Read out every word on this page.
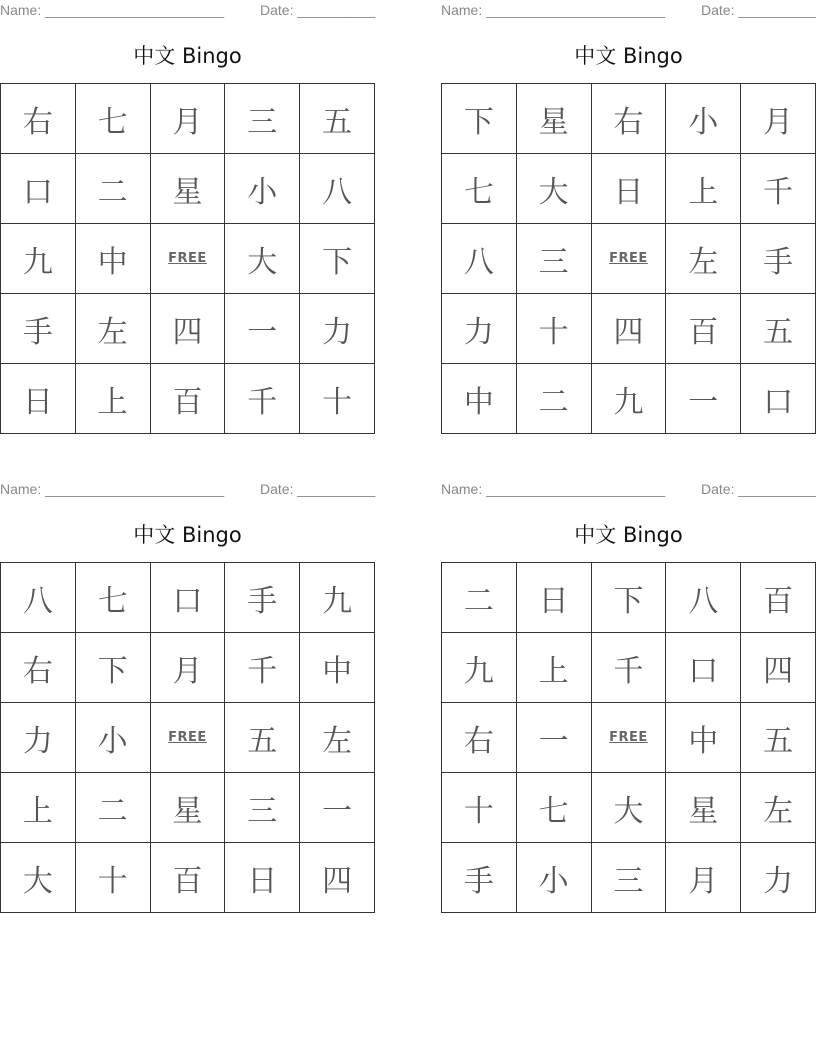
Name: _______________________	Date: __________
中文 Bingo
右	七	月	三	五
口	二	星	小	八
九	中	FREE	大	下
手	左	四	一	力
日	上	百	千	十
Name: _______________________	Date: __________
中文 Bingo
下	星	右	小	月
七	大	日	上	千
八	三	FREE	左	手
力	十	四	百	五
中	二	九	一	口
Name: _______________________	Date: __________
中文 Bingo
八	七	口	手	九
右	下	月	千	中
力	小	FREE	五	左
上	二	星	三	一
大	十	百	日	四
Name: _______________________	Date: __________
中文 Bingo
二	日	下	八	百
九	上	千	口	四
右	一	FREE	中	五
十	七	大	星	左
手	小	三	月	力
